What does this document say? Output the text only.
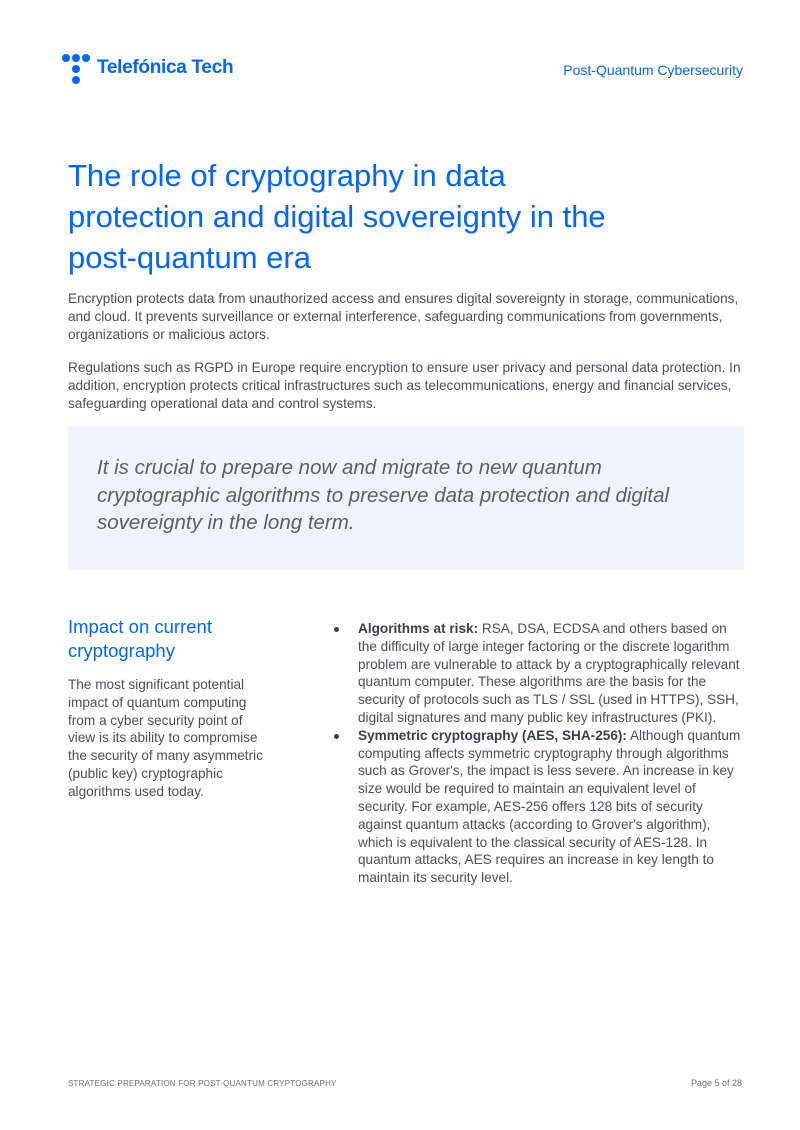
Telefónica Tech	Post-Quantum Cybersecurity
The role of cryptography in data protection and digital sovereignty in the post-quantum era

Encryption protects data from unauthorized access and ensures digital sovereignty in storage, communications, and cloud. It prevents surveillance or external interference, safeguarding communications from governments, organizations or malicious actors.

Regulations such as RGPD in Europe require encryption to ensure user privacy and personal data protection. In addition, encryption protects critical infrastructures such as telecommunications, energy and financial services, safeguarding operational data and control systems.

It is crucial to prepare now and migrate to new quantum cryptographic algorithms to preserve data protection and digital sovereignty in the long term.
Impact on current cryptography
The most significant potential impact of quantum computing from a cyber security point of view is its ability to compromise the security of many asymmetric (public key) cryptographic algorithms used today.
Algorithms at risk: RSA, DSA, ECDSA and others based on the difficulty of large integer factoring or the discrete logarithm problem are vulnerable to attack by a cryptographically relevant quantum computer. These algorithms are the basis for the security of protocols such as TLS / SSL (used in HTTPS), SSH, digital signatures and many public key infrastructures (PKI).
Symmetric cryptography (AES, SHA-256): Although quantum computing affects symmetric cryptography through algorithms such as Grover's, the impact is less severe. An increase in key size would be required to maintain an equivalent level of security. For example, AES-256 offers 128 bits of security against quantum attacks (according to Grover's algorithm), which is equivalent to the classical security of AES-128. In quantum attacks, AES requires an increase in key length to maintain its security level.
STRATEGIC PREPARATION FOR POST-QUANTUM CRYPTOGRAPHY	Page 5 of 28
